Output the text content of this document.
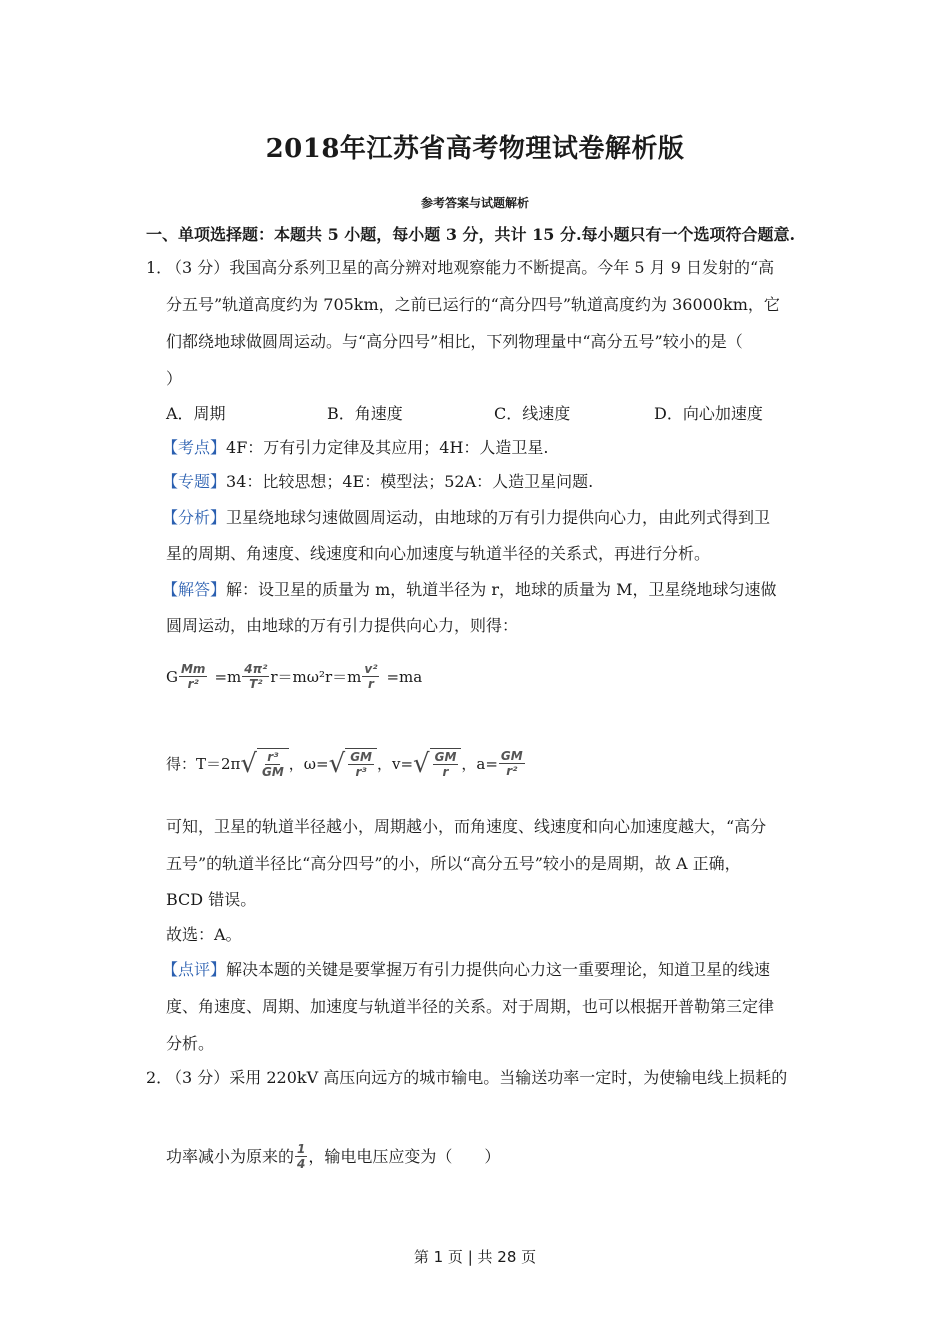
2018年江苏省高考物理试卷解析版
参考答案与试题解析
一、单项选择题：本题共 5 小题，每小题 3 分，共计 15 分.每小题只有一个选项符合题意.
1．
（3 分）我国高分系列卫星的高分辨对地观察能力不断提高。今年 5 月 9 日发射的“高
分五号”轨道高度约为 705km，之前已运行的“高分四号”轨道高度约为 36000km，它
们都绕地球做圆周运动。与“高分四号”相比，下列物理量中“高分五号”较小的是（
）
A．周期	B．角速度	C．线速度	D．向心加速度
【考点】4F：万有引力定律及其应用；4H：人造卫星.
【专题】34：比较思想；4E：模型法；52A：人造卫星问题.
【分析】卫星绕地球匀速做圆周运动，由地球的万有引力提供向心力，由此列式得到卫
星的周期、角速度、线速度和向心加速度与轨道半径的关系式，再进行分析。
【解答】解：设卫星的质量为 m，轨道半径为 r，地球的质量为 M，卫星绕地球匀速做
圆周运动，由地球的万有引力提供向心力，则得：
G $\frac{Mm}{\text{r²}} =m \frac{\text{4π²}}{\text{T²}} r=m\omega^2r=m \frac{\text{v²}}{r} =ma$
得：T＝2π √ $\frac{\text{r³}}{GM}$ ，ω= √ $\frac{GM}{\text{r³}}$ ，v= √ $\frac{GM}{r}$ ，$a= \frac{GM}{\text{r²}}$
可知，卫星的轨道半径越小，周期越小，而角速度、线速度和向心加速度越大，“高分
五号”的轨道半径比“高分四号”的小，所以“高分五号”较小的是周期，故 A 正确，
BCD 错误。
故选：A。
【点评】解决本题的关键是要掌握万有引力提供向心力这一重要理论，知道卫星的线速
度、角速度、周期、加速度与轨道半径的关系。对于周期，也可以根据开普勒第三定律
分析。
2．
（3 分）采用 220kV 高压向远方的城市输电。当输送功率一定时，为使输电线上损耗的
功率减小为原来的 $\frac{1}{4}$ ，输电电压应变为（　　）
第 1 页 | 共 28 页
